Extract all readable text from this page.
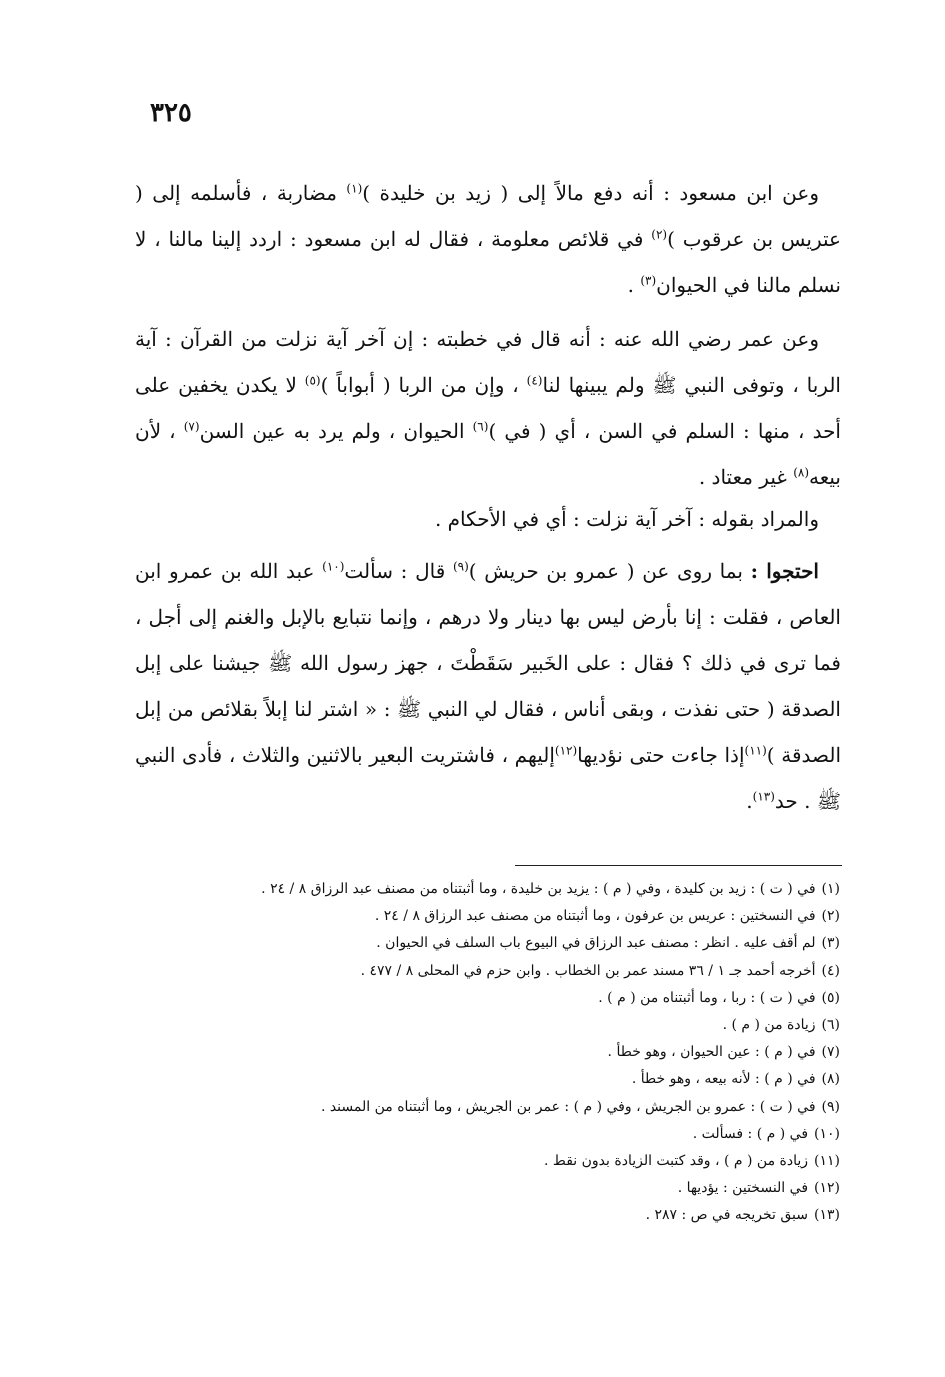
٣٢٥

وعن ابن مسعود : أنه دفع مالاً إلى ( زيد بن خليدة )$^{(١)}$ مضاربة ، فأسلمه إلى ( عتريس بن عرقوب )$^{(٢)}$ في قلائص معلومة ، فقال له ابن مسعود : اردد إلينا مالنا ، لا نسلم مالنا في الحيوان$^{(٣)}$ .

وعن عمر رضي الله عنه : أنه قال في خطبته : إن آخر آية نزلت من القرآن : آية الربا ، وتوفى النبي ﷺ ولم يبينها لنا$^{(٤)}$ ، وإن من الربا ( أبواباً )$^{(٥)}$ لا يكدن يخفين على أحد ، منها : السلم في السن ، أي ( في )$^{(٦)}$ الحيوان ، ولم يرد به عين السن$^{(٧)}$ ، لأن بيعه$^{(٨)}$ غير معتاد .

والمراد بقوله : آخر آية نزلت : أي في الأحكام .

احتجوا : بما روى عن ( عمرو بن حريش )$^{(٩)}$ قال : سألت$^{(١٠)}$ عبد الله بن عمرو ابن العاص ، فقلت : إنا بأرض ليس بها دينار ولا درهم ، وإنما نتبايع بالإبل والغنم إلى أجل ، فما ترى في ذلك ؟ فقال : على الخَبير سَقَطْتَ ، جهز رسول الله ﷺ جيشنا على إبل الصدقة ( حتى نفذت ، وبقى أناس ، فقال لي النبي ﷺ : « اشتر لنا إبلاً بقلائص من إبل الصدقة )$^{(١١)}$إذا جاءت حتى نؤديها$^{(١٢)}$إليهم ، فاشتريت البعير بالاثنين والثلاث ، فأدى النبي ﷺ . حد$^{(١٣)}$.

(١)في ( ت ) : زيد بن كليدة ، وفي ( م ) : يزيد بن خليدة ، وما أثبتناه من مصنف عبد الرزاق ٨ / ٢٤ .
(٢)في النسختين : عريس بن عرفون ، وما أثبتناه من مصنف عبد الرزاق ٨ / ٢٤ .
(٣)لم أقف عليه . انظر : مصنف عبد الرزاق في البيوع باب السلف في الحيوان .
(٤)أخرجه أحمد جـ ١ / ٣٦ مسند عمر بن الخطاب . وابن حزم في المحلى ٨ / ٤٧٧ .
(٥)في ( ت ) : ربا ، وما أثبتناه من ( م ) .
(٦)زيادة من ( م ) .
(٧)في ( م ) : عين الحيوان ، وهو خطأ .
(٨)في ( م ) : لأنه بيعه ، وهو خطأ .
(٩)في ( ت ) : عمرو بن الجريش ، وفي ( م ) : عمر بن الجريش ، وما أثبتناه من المسند .
(١٠)في ( م ) : فسألت .
(١١)زيادة من ( م ) ، وقد كتبت الزيادة بدون نقط .
(١٢)في النسختين : يؤديها .
(١٣)سبق تخريجه في ص : ٢٨٧ .
